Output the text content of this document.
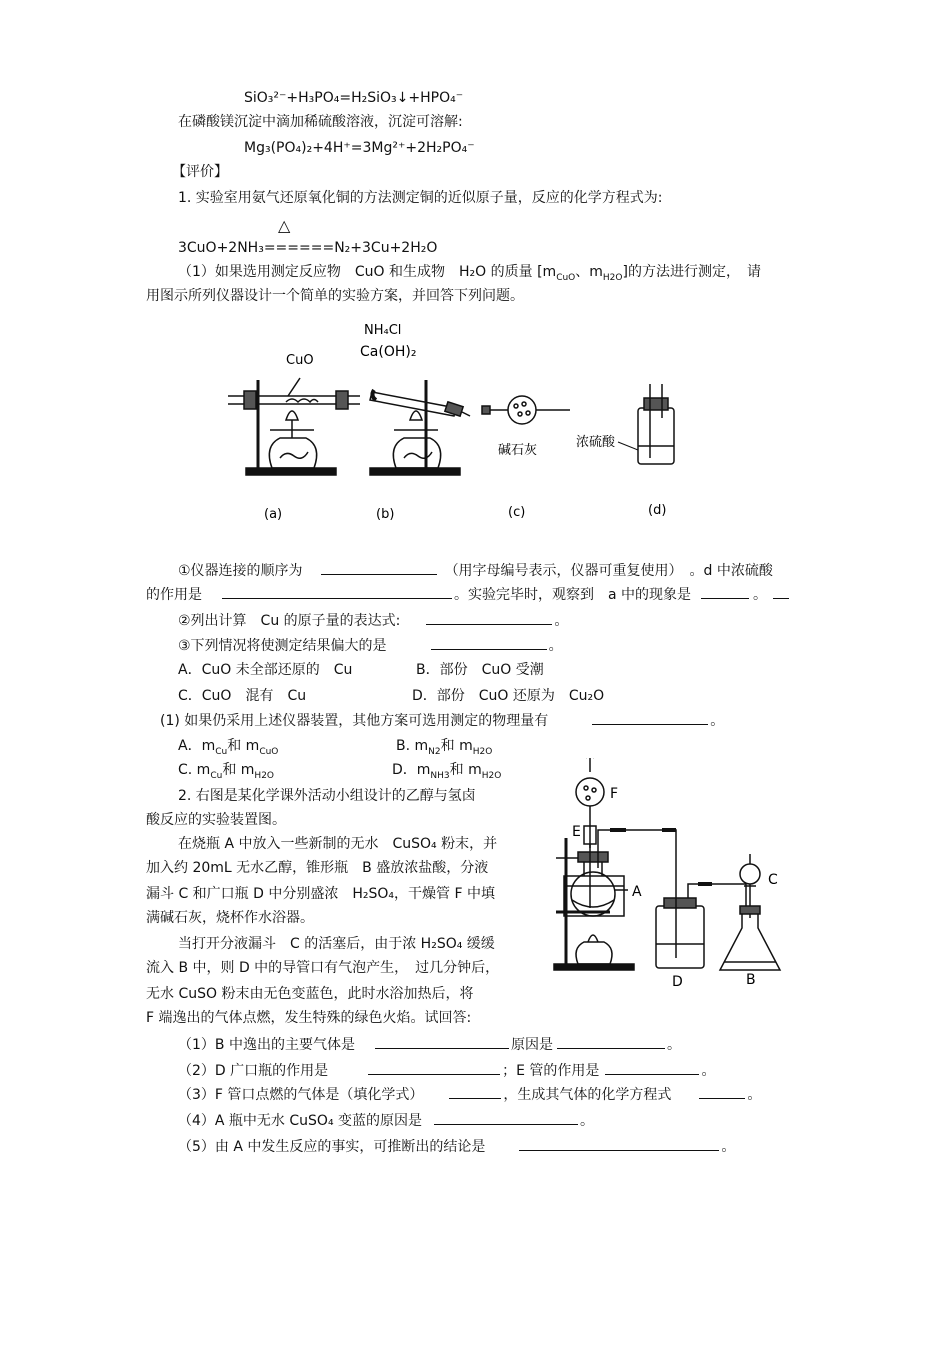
SiO₃²⁻+H₃PO₄=H₂SiO₃↓+HPO₄⁻
在磷酸镁沉淀中滴加稀硫酸溶液，沉淀可溶解:
Mg₃(PO₄)₂+4H⁺=3Mg²⁺+2H₂PO₄⁻
【评价】
1. 实验室用氨气还原氧化铜的方法测定铜的近似原子量，反应的化学方程式为:
△
3CuO+2NH₃======N₂+3Cu+2H₂O
（1）如果选用测定反应物　CuO 和生成物　H₂O 的质量 [$m_{CuO}$、$m_{H2O}$]的方法进行测定，　请
用图示所列仪器设计一个简单的实验方案，并回答下列问题。
CuO
NH₄Cl
Ca(OH)₂
碱石灰
浓硫酸
(a)	(b)	(c)	(d)
①仪器连接的顺序为	（用字母编号表示，仪器可重复使用）　。d 中浓硫酸
的作用是	。实验完毕时，观察到　a 中的现象是	。
②列出计算　Cu 的原子量的表达式:	。
③下列情况将使测定结果偏大的是	。
A．CuO 未全部还原的　Cu	B．部份　CuO 受潮
C．CuO　混有　Cu	D．部份　CuO 还原为　Cu₂O
(1) 如果仍采用上述仪器装置，其他方案可选用测定的物理量有	。
A．$m_{Cu}$和 $m_{CuO}$	B. $m_{N2}$和 $m_{H2O}$
C. $m_{Cu}$和 $m_{H2O}$	D．$m_{NH3}$和 $m_{H2O}$
2. 右图是某化学课外活动小组设计的乙醇与氢卤
酸反应的实验装置图。
在烧瓶 A 中放入一些新制的无水　CuSO₄ 粉末，并
加入约 20mL 无水乙醇，锥形瓶　B 盛放浓盐酸，分液
漏斗 C 和广口瓶 D 中分别盛浓　H₂SO₄，干燥管 F 中填
满碱石灰，烧杯作水浴器。
当打开分液漏斗　C 的活塞后，由于浓 H₂SO₄ 缓缓
流入 B 中，则 D 中的导管口有气泡产生，　过几分钟后，
无水 CuSO 粉末由无色变蓝色，此时水浴加热后，将
F 端逸出的气体点燃，发生特殊的绿色火焰。试回答:
F
E
A
C
D	B
（1）B 中逸出的主要气体是	原因是	。
（2）D 广口瓶的作用是	；E 管的作用是	。
（3）F 管口点燃的气体是（填化学式）	，生成其气体的化学方程式	。
（4）A 瓶中无水 CuSO₄ 变蓝的原因是	。
（5）由 A 中发生反应的事实，可推断出的结论是	。
